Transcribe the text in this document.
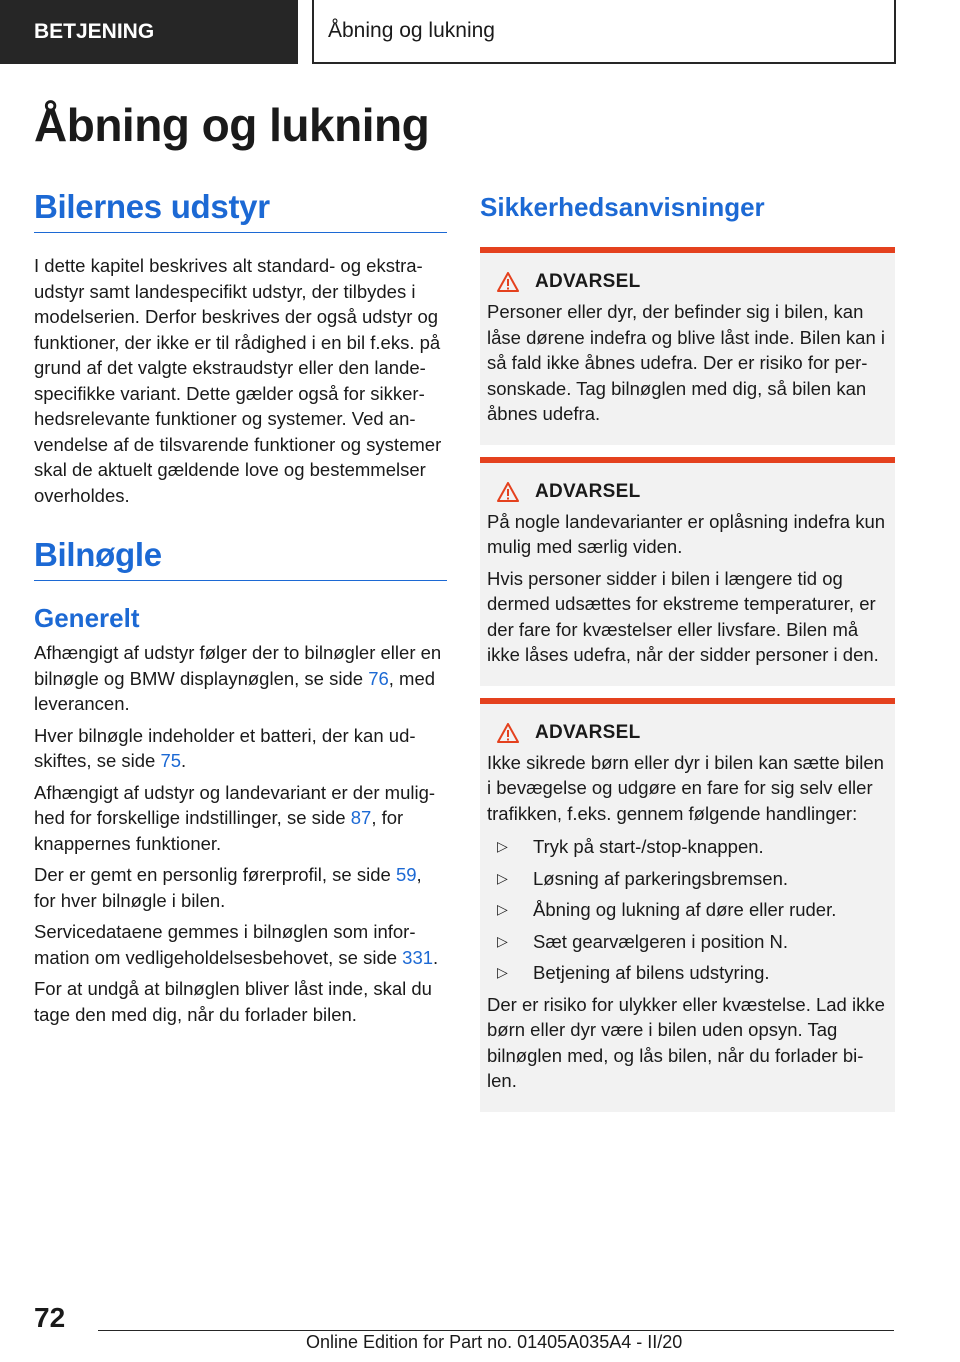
BETJENING	Åbning og lukning
Åbning og lukning
Bilernes udstyr

I dette kapitel beskrives alt standard- og ekstraudstyr samt landespecifikt udstyr, der tilbydes i modelserien. Derfor beskrives der også udstyr og funktioner, der ikke er til rådighed i en bil f.eks. på grund af det valgte ekstraudstyr eller den landespecifikke variant. Dette gælder også for sikkerhedsrelevante funktioner og systemer. Ved anvendelse af de tilsvarende funktioner og systemer skal de aktuelt gældende love og bestemmelser overholdes.

Bilnøgle
Generelt

Afhængigt af udstyr følger der to bilnøgler eller en bilnøgle og BMW displaynøglen, se side 76, med leverancen.

Hver bilnøgle indeholder et batteri, der kan udskiftes, se side 75.

Afhængigt af udstyr og landevariant er der mulighed for forskellige indstillinger, se side 87, for knappernes funktioner.

Der er gemt en personlig førerprofil, se side 59, for hver bilnøgle i bilen.

Servicedataene gemmes i bilnøglen som information om vedligeholdelsesbehovet, se side 331.

For at undgå at bilnøglen bliver låst inde, skal du tage den med dig, når du forlader bilen.

Sikkerhedsanvisninger
ADVARSEL

Personer eller dyr, der befinder sig i bilen, kan låse dørene indefra og blive låst inde. Bilen kan i så fald ikke åbnes udefra. Der er risiko for personskade. Tag bilnøglen med dig, så bilen kan åbnes udefra.

ADVARSEL

På nogle landevarianter er oplåsning indefra kun mulig med særlig viden.

Hvis personer sidder i bilen i længere tid og dermed udsættes for ekstreme temperaturer, er der fare for kvæstelser eller livsfare. Bilen må ikke låses udefra, når der sidder personer i den.

ADVARSEL

Ikke sikrede børn eller dyr i bilen kan sætte bilen i bevægelse og udgøre en fare for sig selv eller trafikken, f.eks. gennem følgende handlinger:

▷	Tryk på start-/stop-knappen.
▷	Løsning af parkeringsbremsen.
▷	Åbning og lukning af døre eller ruder.
▷	Sæt gearvælgeren i position N.
▷	Betjening af bilens udstyring.

Der er risiko for ulykker eller kvæstelse. Lad ikke børn eller dyr være i bilen uden opsyn. Tag bilnøglen med, og lås bilen, når du forlader bilen.

72
Online Edition for Part no. 01405A035A4 - II/20
